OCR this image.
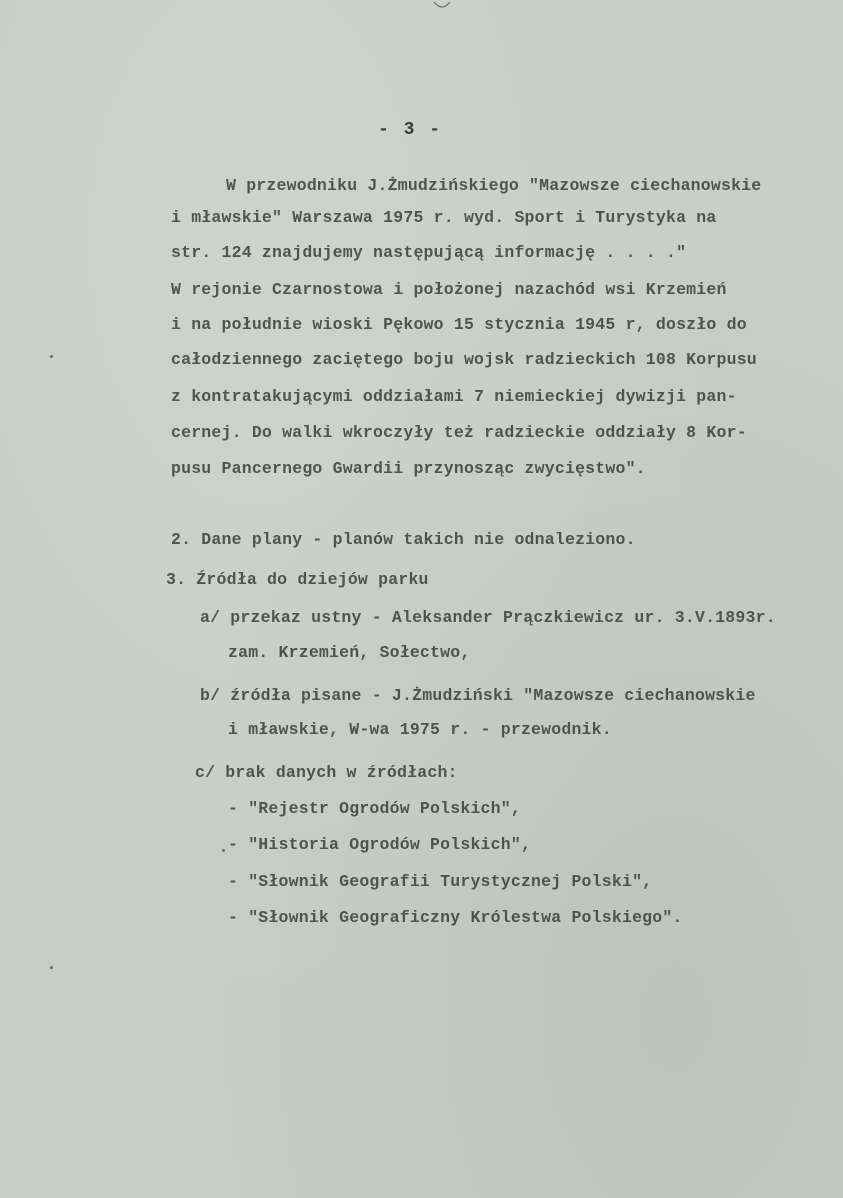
- 3 -
W przewodniku J.Żmudzińskiego "Mazowsze ciechanowskie
i mławskie" Warszawa 1975 r. wyd. Sport i Turystyka na
str. 124 znajdujemy następującą informację . . . ."
W rejonie Czarnostowa i położonej nazachód wsi Krzemień
i na południe wioski Pękowo 15 stycznia 1945 r, doszło do
całodziennego zaciętego boju wojsk radzieckich 108 Korpusu
z kontratakującymi oddziałami 7 niemieckiej dywizji pan-
cernej. Do walki wkroczyły też radzieckie oddziały 8 Kor-
pusu Pancernego Gwardii przynosząc zwycięstwo".
2. Dane plany - planów takich nie odnaleziono.
3. Źródła do dziejów parku
a/ przekaz ustny - Aleksander Prączkiewicz ur. 3.V.1893r.
zam. Krzemień, Sołectwo,
b/ źródła pisane - J.Żmudziński "Mazowsze ciechanowskie
i mławskie, W-wa 1975 r. - przewodnik.
c/ brak danych w źródłach:
- "Rejestr Ogrodów Polskich",
- "Historia Ogrodów Polskich",
- "Słownik Geografii Turystycznej Polski",
- "Słownik Geograficzny Królestwa Polskiego".
